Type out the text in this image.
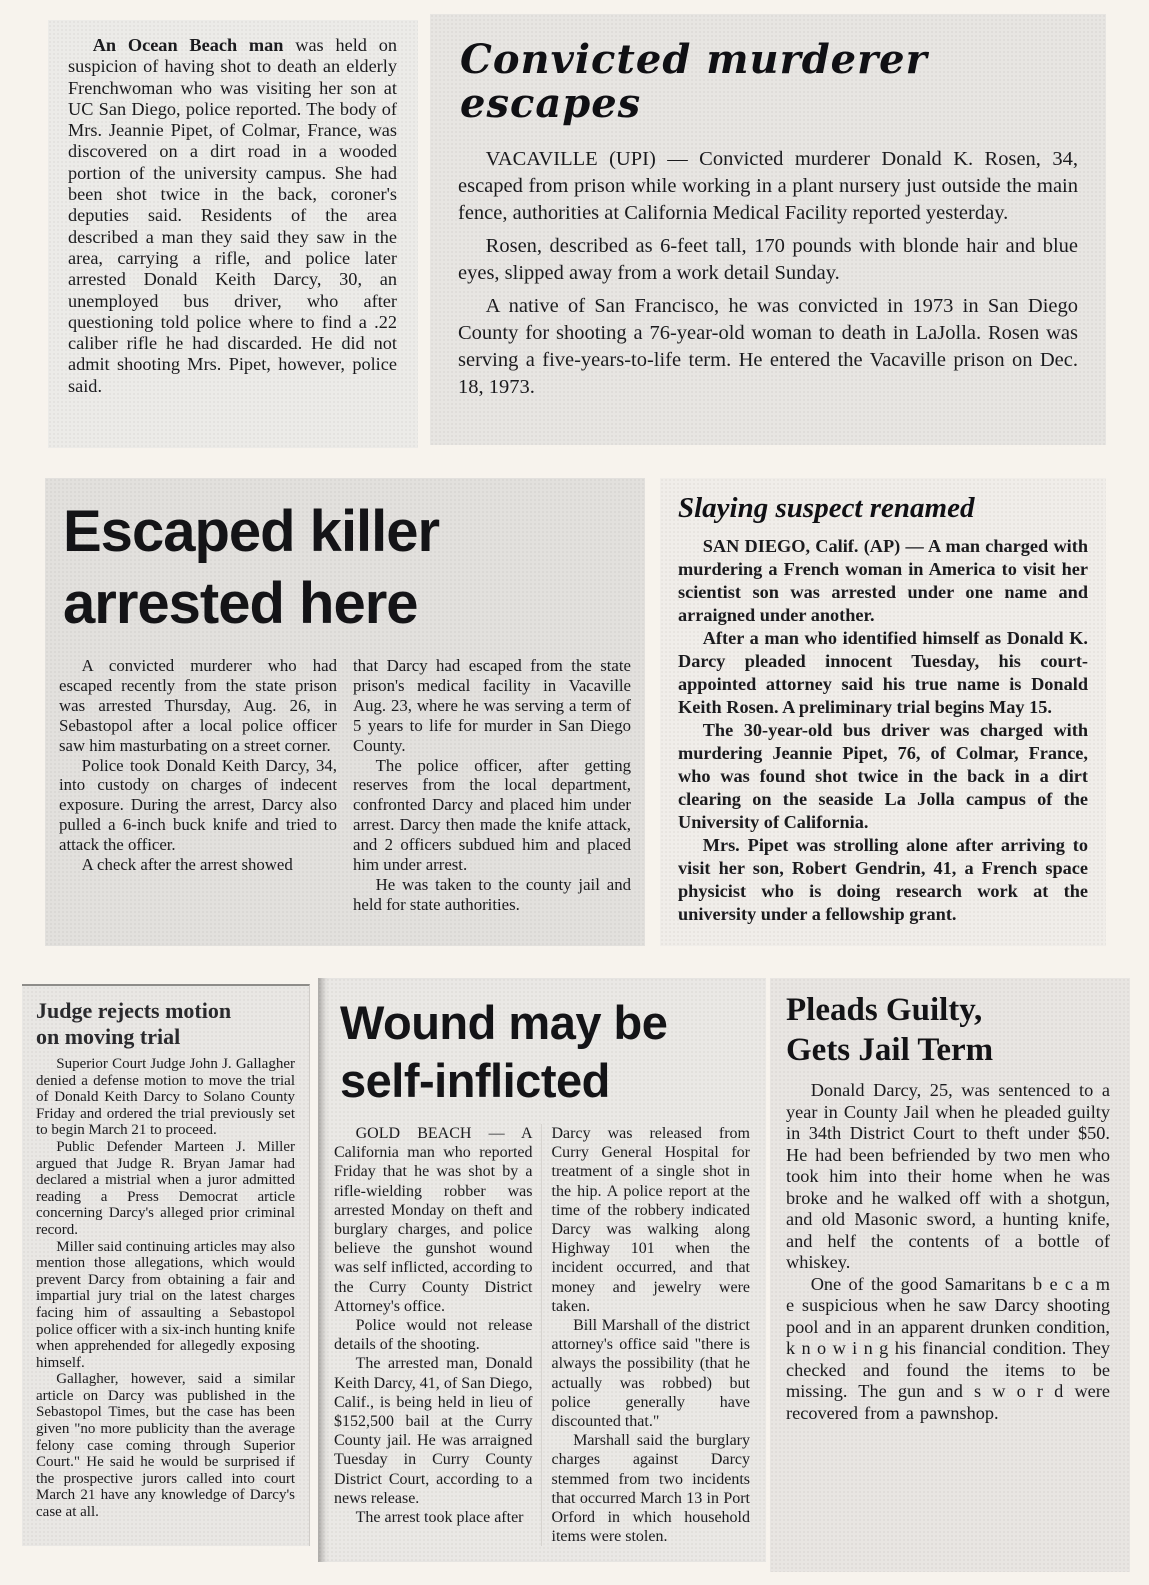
An Ocean Beach man was held on suspicion of having shot to death an elderly Frenchwoman who was visiting her son at UC San Diego, police reported. The body of Mrs. Jeannie Pipet, of Colmar, France, was discovered on a dirt road in a wooded portion of the university campus. She had been shot twice in the back, coroner's deputies said. Residents of the area described a man they said they saw in the area, carrying a rifle, and police later arrested Donald Keith Darcy, 30, an unemployed bus driver, who after questioning told police where to find a .22 caliber rifle he had discarded. He did not admit shooting Mrs. Pipet, however, police said.

Convicted murderer escapes

VACAVILLE (UPI) — Convicted murderer Donald K. Rosen, 34, escaped from prison while working in a plant nursery just outside the main fence, authorities at California Medical Facility reported yesterday.

Rosen, described as 6-feet tall, 170 pounds with blonde hair and blue eyes, slipped away from a work detail Sunday.

A native of San Francisco, he was convicted in 1973 in San Diego County for shooting a 76-year-old woman to death in LaJolla. Rosen was serving a five-years-to-life term. He entered the Vacaville prison on Dec. 18, 1973.

Escaped killer
arrested here

A convicted murderer who had escaped recently from the state prison was arrested Thursday, Aug. 26, in Sebastopol after a local police officer saw him masturbating on a street corner.

Police took Donald Keith Darcy, 34, into custody on charges of indecent exposure. During the arrest, Darcy also pulled a 6-inch buck knife and tried to attack the officer.

A check after the arrest showed

that Darcy had escaped from the state prison's medical facility in Vacaville Aug. 23, where he was serving a term of 5 years to life for murder in San Diego County.

The police officer, after getting reserves from the local department, confronted Darcy and placed him under arrest. Darcy then made the knife attack, and 2 officers subdued him and placed him under arrest.

He was taken to the county jail and held for state authorities.

Slaying suspect renamed

SAN DIEGO, Calif. (AP) — A man charged with murdering a French woman in America to visit her scientist son was arrested under one name and arraigned under another.

After a man who identified himself as Donald K. Darcy pleaded innocent Tuesday, his court-appointed attorney said his true name is Donald Keith Rosen. A preliminary trial begins May 15.

The 30-year-old bus driver was charged with murdering Jeannie Pipet, 76, of Colmar, France, who was found shot twice in the back in a dirt clearing on the seaside La Jolla campus of the University of California.

Mrs. Pipet was strolling alone after arriving to visit her son, Robert Gendrin, 41, a French space physicist who is doing research work at the university under a fellowship grant.

Judge rejects motion
on moving trial

Superior Court Judge John J. Gallagher denied a defense motion to move the trial of Donald Keith Darcy to Solano County Friday and ordered the trial previously set to begin March 21 to proceed.

Public Defender Marteen J. Miller argued that Judge R. Bryan Jamar had declared a mistrial when a juror admitted reading a Press Democrat article concerning Darcy's alleged prior criminal record.

Miller said continuing articles may also mention those allegations, which would prevent Darcy from obtaining a fair and impartial jury trial on the latest charges facing him of assaulting a Sebastopol police officer with a six-inch hunting knife when apprehended for allegedly exposing himself.

Gallagher, however, said a similar article on Darcy was published in the Sebastopol Times, but the case has been given "no more publicity than the average felony case coming through Superior Court." He said he would be surprised if the prospective jurors called into court March 21 have any knowledge of Darcy's case at all.

Wound may be
self-inflicted

GOLD BEACH — A California man who reported Friday that he was shot by a rifle-wielding robber was arrested Monday on theft and burglary charges, and police believe the gunshot wound was self inflicted, according to the Curry County District Attorney's office.

Police would not release details of the shooting.

The arrested man, Donald Keith Darcy, 41, of San Diego, Calif., is being held in lieu of $152,500 bail at the Curry County jail. He was arraigned Tuesday in Curry County District Court, according to a news release.

The arrest took place after

Darcy was released from Curry General Hospital for treatment of a single shot in the hip. A police report at the time of the robbery indicated Darcy was walking along Highway 101 when the incident occurred, and that money and jewelry were taken.

Bill Marshall of the district attorney's office said "there is always the possibility (that he actually was robbed) but police generally have discounted that."

Marshall said the burglary charges against Darcy stemmed from two incidents that occurred March 13 in Port Orford in which household items were stolen.

Pleads Guilty,
Gets Jail Term

Donald Darcy, 25, was sentenced to a year in County Jail when he pleaded guilty in 34th District Court to theft under $50. He had been befriended by two men who took him into their home when he was broke and he walked off with a shotgun, and old Masonic sword, a hunting knife, and helf the contents of a bottle of whiskey.

One of the good Samaritans b e c a m e suspicious when he saw Darcy shooting pool and in an apparent drunken condition, k n o w i n g his financial condition. They checked and found the items to be missing. The gun and s w o r d were recovered from a pawnshop.
